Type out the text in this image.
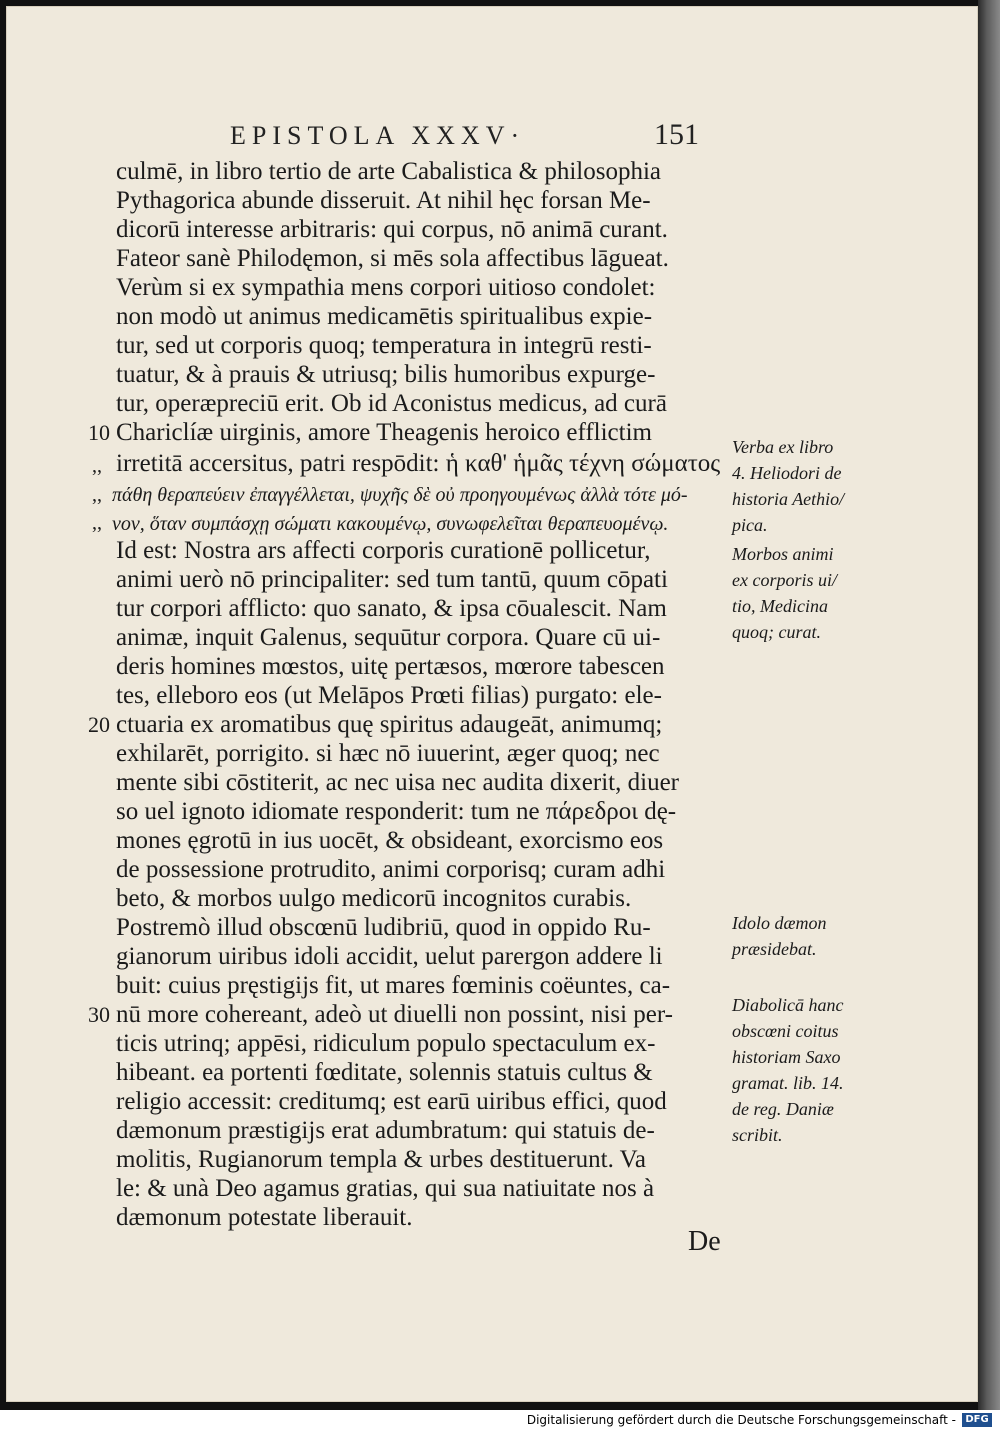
EPISTOLA XXXV·	151
culmē, in libro tertio de arte Cabalistica & philosophia
Pythagorica abunde disseruit. At nihil hęc forsan Me-
dicorū interesse arbitraris: qui corpus, nō animā curant.
Fateor sanè Philodęmon, si mēs sola affectibus lāgueat.
Verùm si ex sympathia mens corpori uitioso condolet:
non modò ut animus medicamētis spiritualibus expie-
tur, sed ut corporis quoq; temperatura in integrū resti-
tuatur, & à prauis & utriusq; bilis humoribus expurge-
tur, operæpreciū erit. Ob id Aconistus medicus, ad curā
Chariclíæ uirginis, amore Theagenis heroico efflictim
irretitā accersitus, patri respōdit: ἡ καθ' ἡμᾶς τέχνη σώματος
πάθη θεραπεύειν ἐπαγγέλλεται, ψυχῆς δὲ οὐ προηγουμένως ἀλλὰ τότε μό-
νον, ὅταν συμπάσχῃ σώματι κακουμένῳ, συνωφελεῖται θεραπευομένῳ.
Id est: Nostra ars affecti corporis curationē pollicetur,
animi uerò nō principaliter: sed tum tantū, quum cōpati
tur corpori afflicto: quo sanato, & ipsa cōualescit. Nam
animæ, inquit Galenus, sequūtur corpora. Quare cū ui-
deris homines mœstos, uitę pertæsos, mœrore tabescen
tes, elleboro eos (ut Melāpos Prœti filias) purgato: ele-
ctuaria ex aromatibus quę spiritus adaugeāt, animumq;
exhilarēt, porrigito. si hæc nō iuuerint, æger quoq; nec
mente sibi cōstiterit, ac nec uisa nec audita dixerit, diuer
so uel ignoto idiomate responderit: tum ne πάρεδροι dę-
mones ęgrotū in ius uocēt, & obsideant, exorcismo eos
de possessione protrudito, animi corporisq; curam adhi
beto, & morbos uulgo medicorū incognitos curabis.
Postremò illud obscœnū ludibriū, quod in oppido Ru-
gianorum uiribus idoli accidit, uelut parergon addere li
buit: cuius pręstigijs fit, ut mares fœminis coëuntes, ca-
nū more cohereant, adeò ut diuelli non possint, nisi per-
ticis utrinq; appēsi, ridiculum populo spectaculum ex-
hibeant. ea portenti fœditate, solennis statuis cultus &
religio accessit: creditumq; est earū uiribus effici, quod
dæmonum præstigijs erat adumbratum: qui statuis de-
molitis, Rugianorum templa & urbes destituerunt. Va
le: & unà Deo agamus gratias, qui sua natiuitate nos à
dæmonum potestate liberauit.
10
20
30
,,
,,
,,
Verba ex libro
4. Heliodori de
historia Aethio/
pica.
Morbos animi
ex corporis ui/
tio, Medicina
quoq; curat.
Idolo dæmon
præsidebat.
Diabolicā hanc
obscœni coitus
historiam Saxo
gramat. lib. 14.
de reg. Daniæ
scribit.
De
Digitalisierung gefördert durch die Deutsche Forschungsgemeinschaft - DFG
